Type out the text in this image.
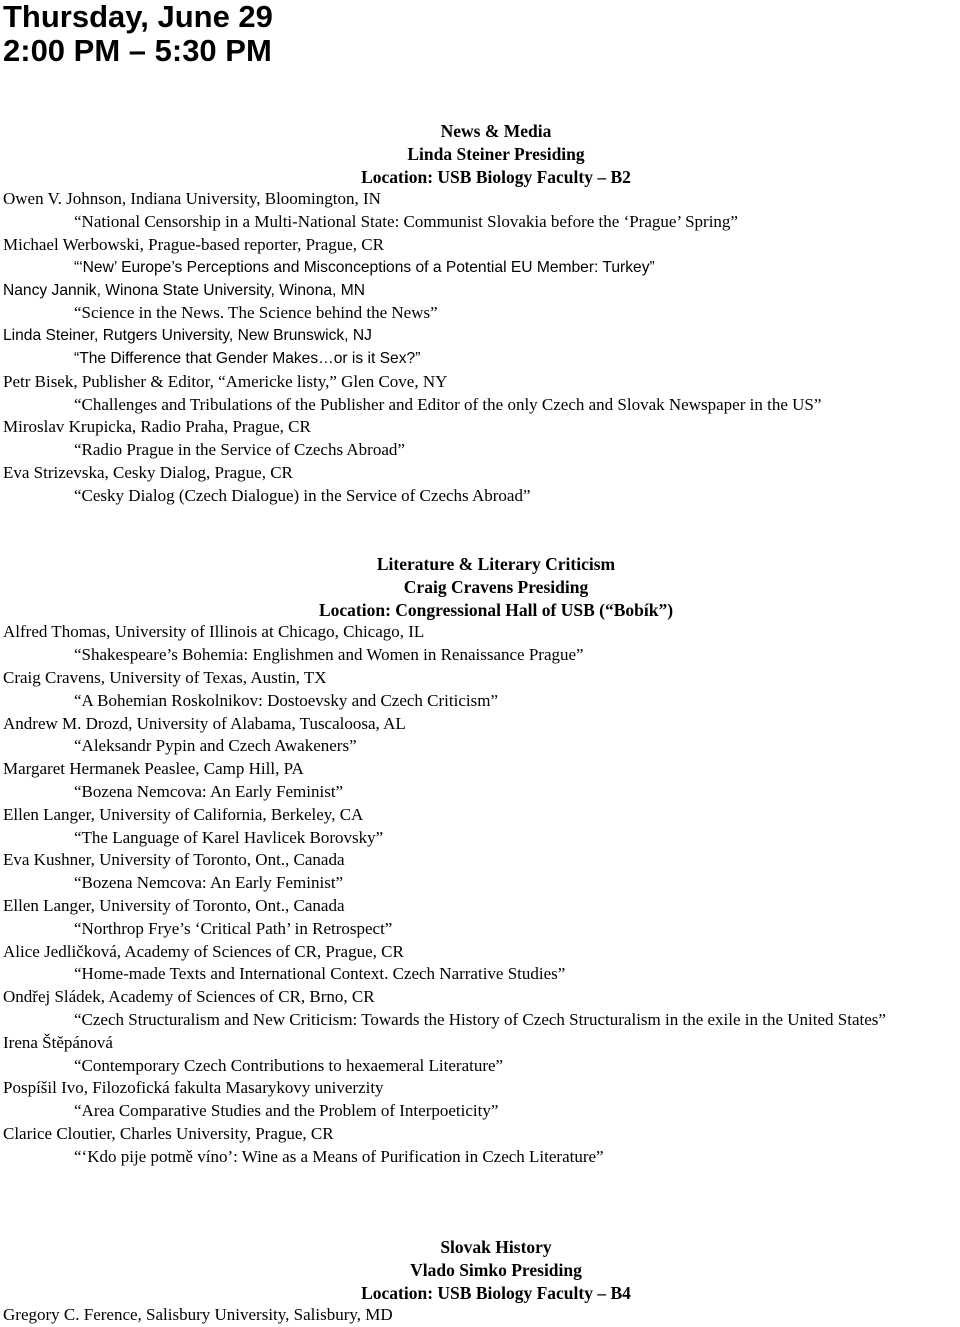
Thursday, June 29
2:00 PM – 5:30 PM
News & Media
Linda Steiner Presiding
Location: USB Biology Faculty – B2
Owen V. Johnson, Indiana University, Bloomington, IN
“National Censorship in a Multi-National State: Communist Slovakia before the ‘Prague’ Spring”
Michael Werbowski, Prague-based reporter, Prague, CR
“‘New’ Europe’s Perceptions and Misconceptions of a Potential EU Member: Turkey”
Nancy Jannik, Winona State University, Winona, MN
“Science in the News. The Science behind the News”
Linda Steiner, Rutgers University, New Brunswick, NJ
“The Difference that Gender Makes…or is it Sex?”
Petr Bisek, Publisher & Editor, “Americke listy,” Glen Cove, NY
“Challenges and Tribulations of the Publisher and Editor of the only Czech and Slovak Newspaper in the US”
Miroslav Krupicka, Radio Praha, Prague, CR
“Radio Prague in the Service of Czechs Abroad”
Eva Strizevska, Cesky Dialog, Prague, CR
“Cesky Dialog (Czech Dialogue) in the Service of Czechs Abroad”
Literature & Literary Criticism
Craig Cravens Presiding
Location: Congressional Hall of USB (“Bobík”)
Alfred Thomas, University of Illinois at Chicago, Chicago, IL
“Shakespeare’s Bohemia: Englishmen and Women in Renaissance Prague”
Craig Cravens, University of Texas, Austin, TX
“A Bohemian Roskolnikov: Dostoevsky and Czech Criticism”
Andrew M. Drozd, University of Alabama, Tuscaloosa, AL
“Aleksandr Pypin and Czech Awakeners”
Margaret Hermanek Peaslee, Camp Hill, PA
“Bozena Nemcova: An Early Feminist”
Ellen Langer, University of California, Berkeley, CA
“The Language of Karel Havlicek Borovsky”
Eva Kushner, University of Toronto, Ont., Canada
“Bozena Nemcova: An Early Feminist”
Ellen Langer, University of Toronto, Ont., Canada
“Northrop Frye’s ‘Critical Path’ in Retrospect”
Alice Jedličková, Academy of Sciences of CR, Prague, CR
“Home-made Texts and International Context. Czech Narrative Studies”
Ondřej Sládek, Academy of Sciences of CR, Brno, CR
“Czech Structuralism and New Criticism: Towards the History of Czech Structuralism in the exile in the United States”
Irena Štěpánová
“Contemporary Czech Contributions to hexaemeral Literature”
Pospíšil Ivo, Filozofická fakulta Masarykovy univerzity
“Area Comparative Studies and the Problem of Interpoeticity”
Clarice Cloutier, Charles University, Prague, CR
“‘Kdo pije potmě víno’: Wine as a Means of Purification in Czech Literature”
Slovak History
Vlado Simko Presiding
Location: USB Biology Faculty – B4
Gregory C. Ference, Salisbury University, Salisbury, MD
